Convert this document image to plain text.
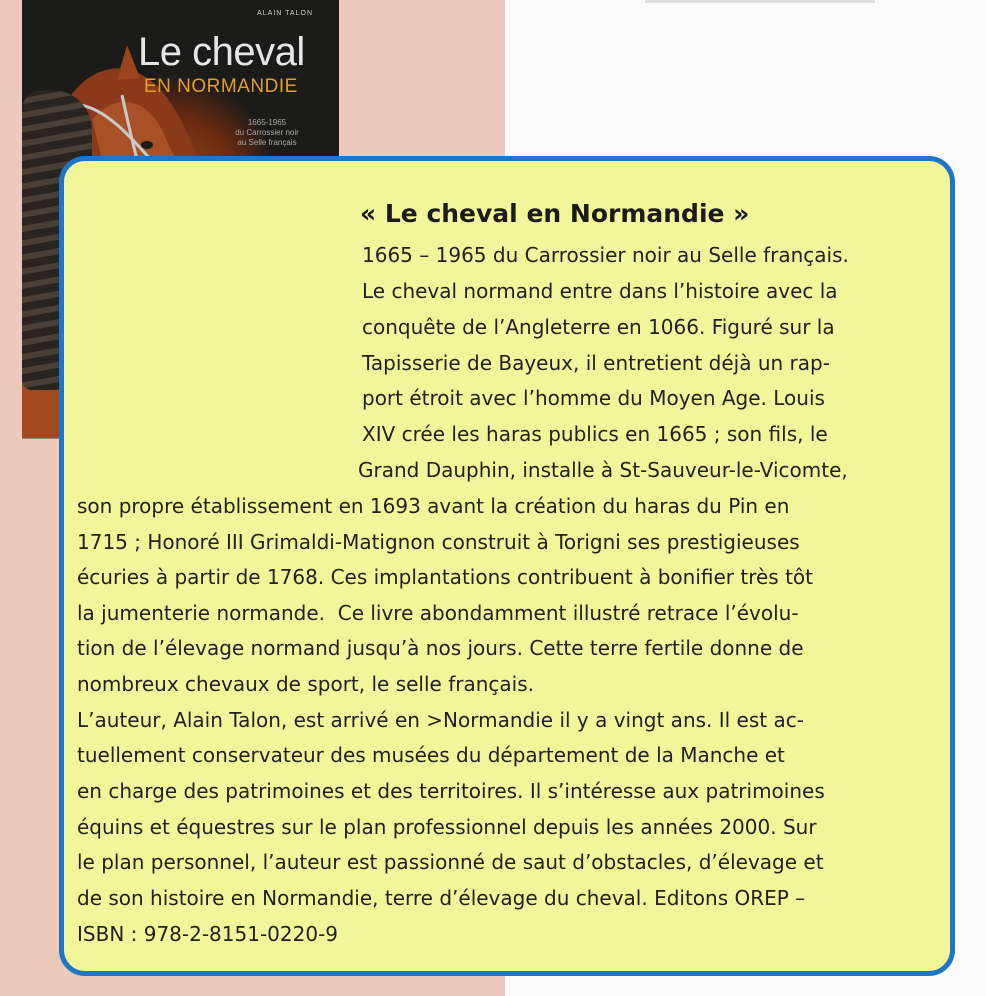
ALAIN TALON
Le cheval
EN NORMANDIE
1665-1965
du Carrossier noir
au Selle français
« Le cheval en Normandie »
1665 – 1965 du Carrossier noir au Selle français.
Le cheval normand entre dans l’histoire avec la
conquête de l’Angleterre en 1066. Figuré sur la
Tapisserie de Bayeux, il entretient déjà un rap-
port étroit avec l’homme du Moyen Age. Louis
XIV crée les haras publics en 1665 ; son fils, le
Grand Dauphin, installe à St-Sauveur-le-Vicomte,
son propre établissement en 1693 avant la création du haras du Pin en
1715 ; Honoré III Grimaldi-Matignon construit à Torigni ses prestigieuses
écuries à partir de 1768. Ces implantations contribuent à bonifier très tôt
la jumenterie normande.  Ce livre abondamment illustré retrace l’évolu-
tion de l’élevage normand jusqu’à nos jours. Cette terre fertile donne de
nombreux chevaux de sport, le selle français.
L’auteur, Alain Talon, est arrivé en >Normandie il y a vingt ans. Il est ac-
tuellement conservateur des musées du département de la Manche et
en charge des patrimoines et des territoires. Il s’intéresse aux patrimoines
équins et équestres sur le plan professionnel depuis les années 2000. Sur
le plan personnel, l’auteur est passionné de saut d’obstacles, d’élevage et
de son histoire en Normandie, terre d’élevage du cheval. Editons OREP –
ISBN : 978-2-8151-0220-9
